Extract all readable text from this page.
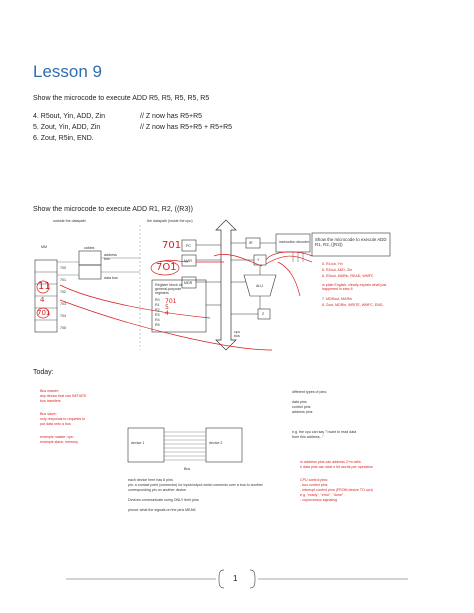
Lesson 9
Show the microcode to execute ADD R5, R5, R5, R5, R5
4. R5out, Yin, ADD, Zin	// Z now has R5+R5
5. Zout, Yin, ADD, Zin	// Z now has R5+R5 + R5+R5
6. Zout, R5in, END.
Show the microcode to execute ADD R1, R2, ((R3))
Today:
outside the datapath	the datapath (inside the cpu)
MM	cables
address bus
data bus
700
701
702
703
704
705
PC
MAR
MDR
IR	instruction decoder
ALU
Y
Z
Register block of general-purpose registers
R0
R1
R2
R3
R4
R5
cpu bus
11
701
4	701
5
4
701
7O1
Show the microcode to execute ADD R1, R2, ((R3))
5. R1out, Yin
6. R2out, ADD, Zin
6. R3out, MARin, READ, WMFC
in plain English, clearly explain what just happened in step 6
7. MDRout, MARin
8. Zout, MDRin, WRITE, WMFC, END.
Bus master:
any device that can INITIATE
bus transfers
Bus slave:
only responds to requests to
put data onto a bus
example master: cpu
example slave: memory
different types of pins:

data pins
control pins
address pins
e.g. the cpu can say "I want to read data
from this address..."
m address pins can address 2^m cells
n data pins can deal n bit words per operation
CPU control pins:
- bus control pins
- interrupt control pins (FROM device TO cpu)
e.g. "ready", "error", "done"
- coprocessor signaling
device 1	device 2
Bus
each device here has 8 pins
pin: a contact point (connector) for input/output which connects over a bus to another
corresponding pin on another device

Devices communicate using ONLY their pins

pinout: what the signals on the pins MEAN
1
